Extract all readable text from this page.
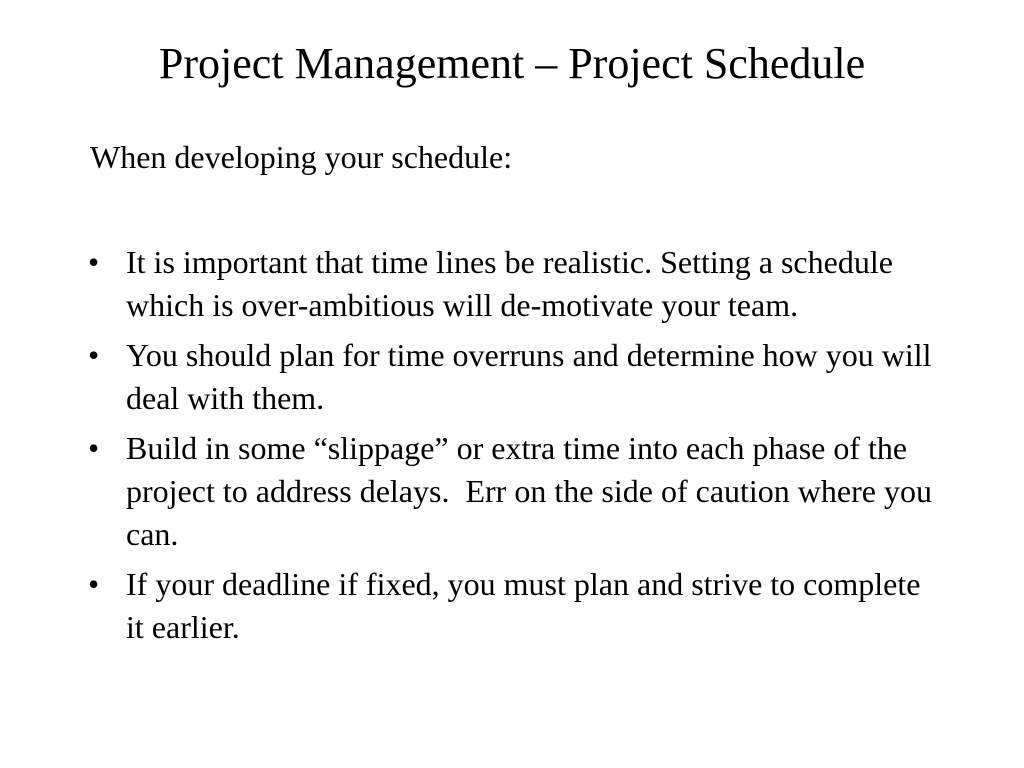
Project Management – Project Schedule

When developing your schedule:

• It is important that time lines be realistic. Setting a schedule which is over-ambitious will de-motivate your team.
• You should plan for time overruns and determine how you will deal with them.
• Build in some “slippage” or extra time into each phase of the project to address delays.  Err on the side of caution where you can.
• If your deadline if fixed, you must plan and strive to complete it earlier.
